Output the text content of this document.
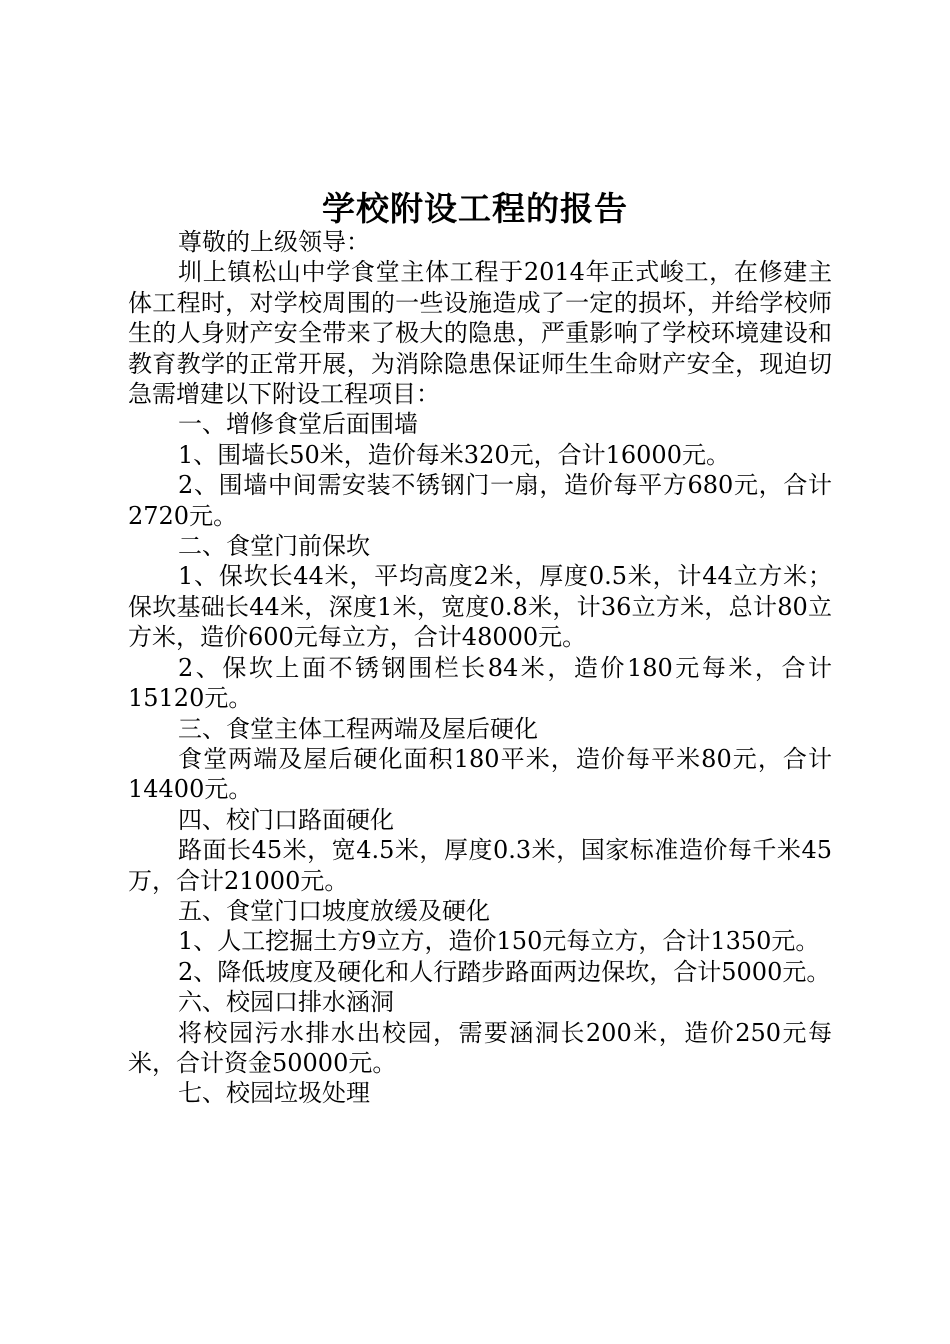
学校附设工程的报告

尊敬的上级领导：

圳上镇松山中学食堂主体工程于2014年正式峻工，在修建主体工程时，对学校周围的一些设施造成了一定的损坏，并给学校师生的人身财产安全带来了极大的隐患，严重影响了学校环境建设和教育教学的正常开展，为消除隐患保证师生生命财产安全，现迫切急需增建以下附设工程项目：

一、增修食堂后面围墙

1、围墙长50米，造价每米320元，合计16000元。

2、围墙中间需安装不锈钢门一扇，造价每平方680元，合计2720元。

二、食堂门前保坎

1、保坎长44米，平均高度2米，厚度0.5米，计44立方米；保坎基础长44米，深度1米，宽度0.8米，计36立方米，总计80立方米，造价600元每立方，合计48000元。

2、保坎上面不锈钢围栏长84米，造价180元每米，合计15120元。

三、食堂主体工程两端及屋后硬化

食堂两端及屋后硬化面积180平米，造价每平米80元，合计14400元。

四、校门口路面硬化

路面长45米，宽4.5米，厚度0.3米，国家标准造价每千米45万，合计21000元。

五、食堂门口坡度放缓及硬化

1、人工挖掘土方9立方，造价150元每立方，合计1350元。

2、降低坡度及硬化和人行踏步路面两边保坎，合计5000元。

六、校园口排水涵洞

将校园污水排水出校园，需要涵洞长200米，造价250元每米，合计资金50000元。

七、校园垃圾处理
